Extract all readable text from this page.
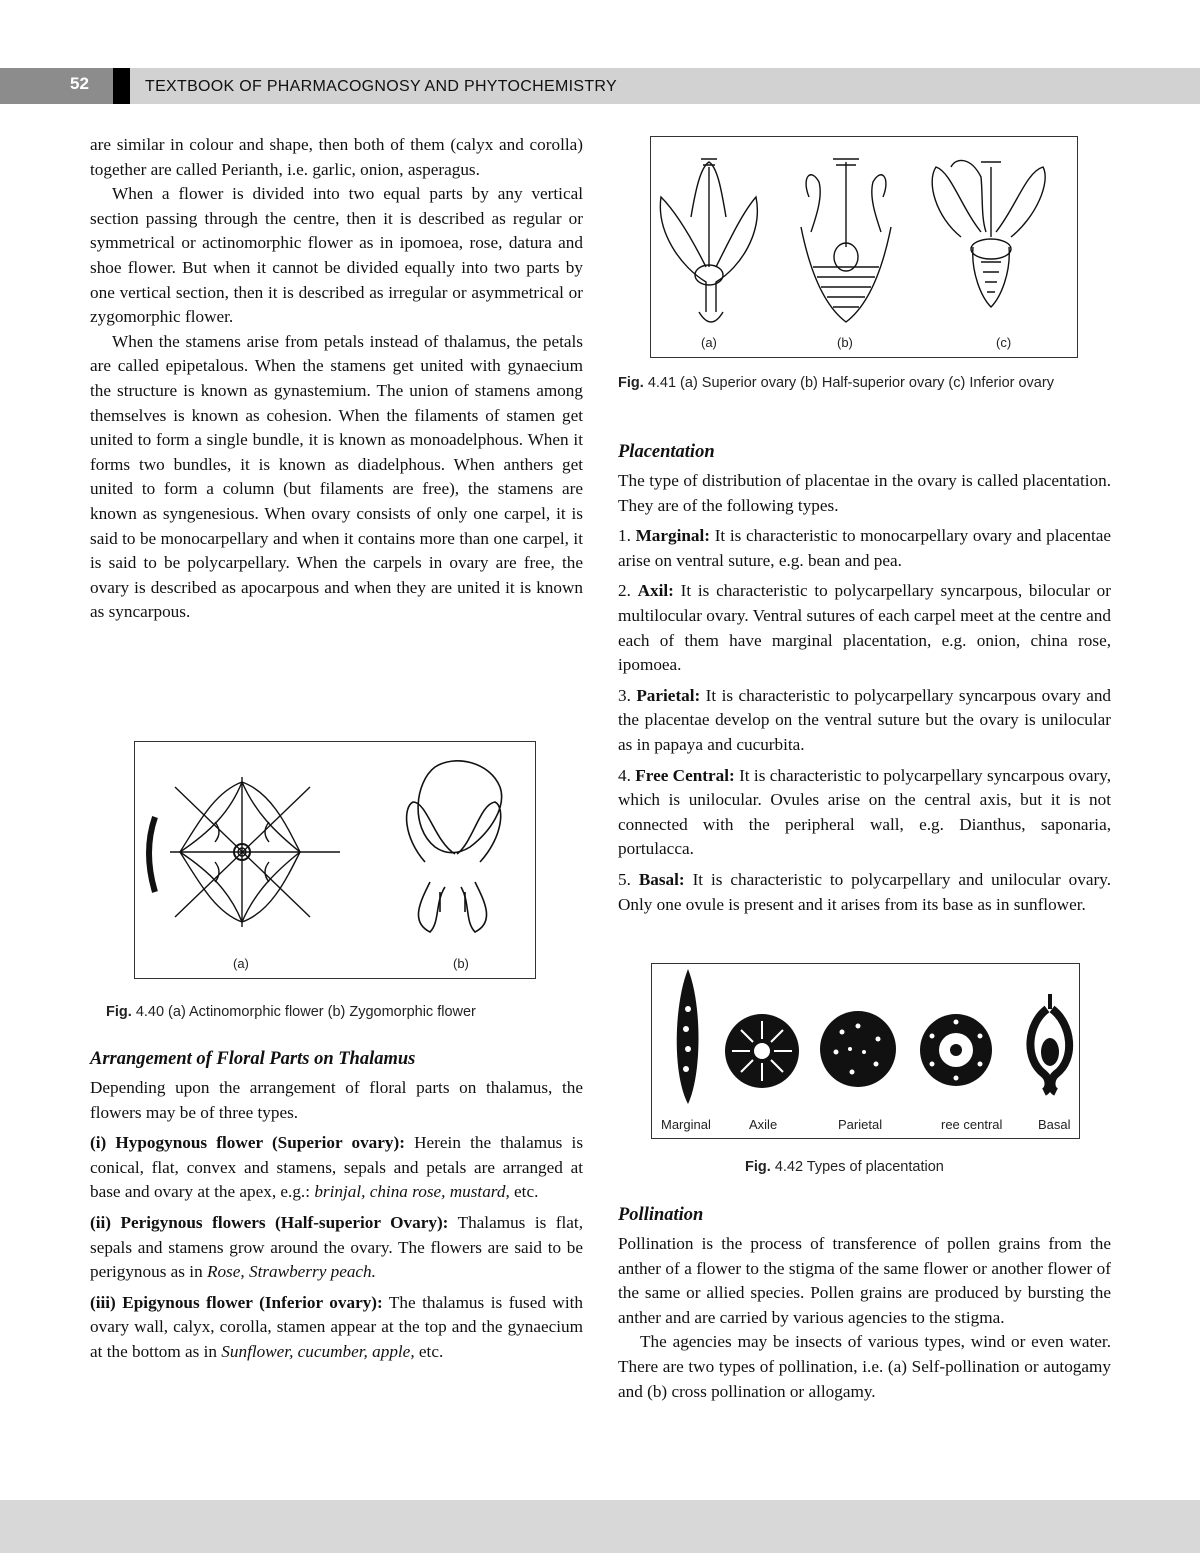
52	TEXTBOOK OF PHARMACOGNOSY AND PHYTOCHEMISTRY

are similar in colour and shape, then both of them (calyx and corolla) together are called Perianth, i.e. garlic, onion, asperagus.

When a flower is divided into two equal parts by any vertical section passing through the centre, then it is described as regular or symmetrical or actinomorphic flower as in ipomoea, rose, datura and shoe flower. But when it cannot be divided equally into two parts by one vertical section, then it is described as irregular or asymmetrical or zygomorphic flower.

When the stamens arise from petals instead of thalamus, the petals are called epipetalous. When the stamens get united with gynaecium the structure is known as gynastemium. The union of stamens among themselves is known as cohesion. When the filaments of stamen get united to form a single bundle, it is known as monoadelphous. When it forms two bundles, it is known as diadelphous. When anthers get united to form a column (but filaments are free), the stamens are known as syngenesious. When ovary consists of only one carpel, it is said to be monocarpellary and when it contains more than one carpel, it is said to be polycarpellary. When the carpels in ovary are free, the ovary is described as apocarpous and when they are united it is known as syncarpous.

(a)	(b)
Fig. 4.40 (a) Actinomorphic flower (b) Zygomorphic flower

Arrangement of Floral Parts on Thalamus

Depending upon the arrangement of floral parts on thalamus, the flowers may be of three types.

(i) Hypogynous flower (Superior ovary): Herein the thalamus is conical, flat, convex and stamens, sepals and petals are arranged at base and ovary at the apex, e.g.: brinjal, china rose, mustard, etc.

(ii) Perigynous flowers (Half-superior Ovary): Thalamus is flat, sepals and stamens grow around the ovary. The flowers are said to be perigynous as in Rose, Strawberry peach.

(iii) Epigynous flower (Inferior ovary): The thalamus is fused with ovary wall, calyx, corolla, stamen appear at the top and the gynaecium at the bottom as in Sunflower, cucumber, apple, etc.

(a)	(b)	(c)
Fig. 4.41 (a) Superior ovary (b) Half-superior ovary (c) Inferior ovary

Placentation

The type of distribution of placentae in the ovary is called placentation. They are of the following types.

1. Marginal: It is characteristic to monocarpellary ovary and placentae arise on ventral suture, e.g. bean and pea.

2. Axil: It is characteristic to polycarpellary syncarpous, bilocular or multilocular ovary. Ventral sutures of each carpel meet at the centre and each of them have marginal placentation, e.g. onion, china rose, ipomoea.

3. Parietal: It is characteristic to polycarpellary syncarpous ovary and the placentae develop on the ventral suture but the ovary is unilocular as in papaya and cucurbita.

4. Free Central: It is characteristic to polycarpellary syncarpous ovary, which is unilocular. Ovules arise on the central axis, but it is not connected with the peripheral wall, e.g. Dianthus, saponaria, portulacca.

5. Basal: It is characteristic to polycarpellary and unilocular ovary. Only one ovule is present and it arises from its base as in sunflower.

Marginal	Axile	Parietal	ree central	Basal
Fig. 4.42 Types of placentation

Pollination

Pollination is the process of transference of pollen grains from the anther of a flower to the stigma of the same flower or another flower of the same or allied species. Pollen grains are produced by bursting the anther and are carried by various agencies to the stigma.

The agencies may be insects of various types, wind or even water. There are two types of pollination, i.e. (a) Self-pollination or autogamy and (b) cross pollination or allogamy.
